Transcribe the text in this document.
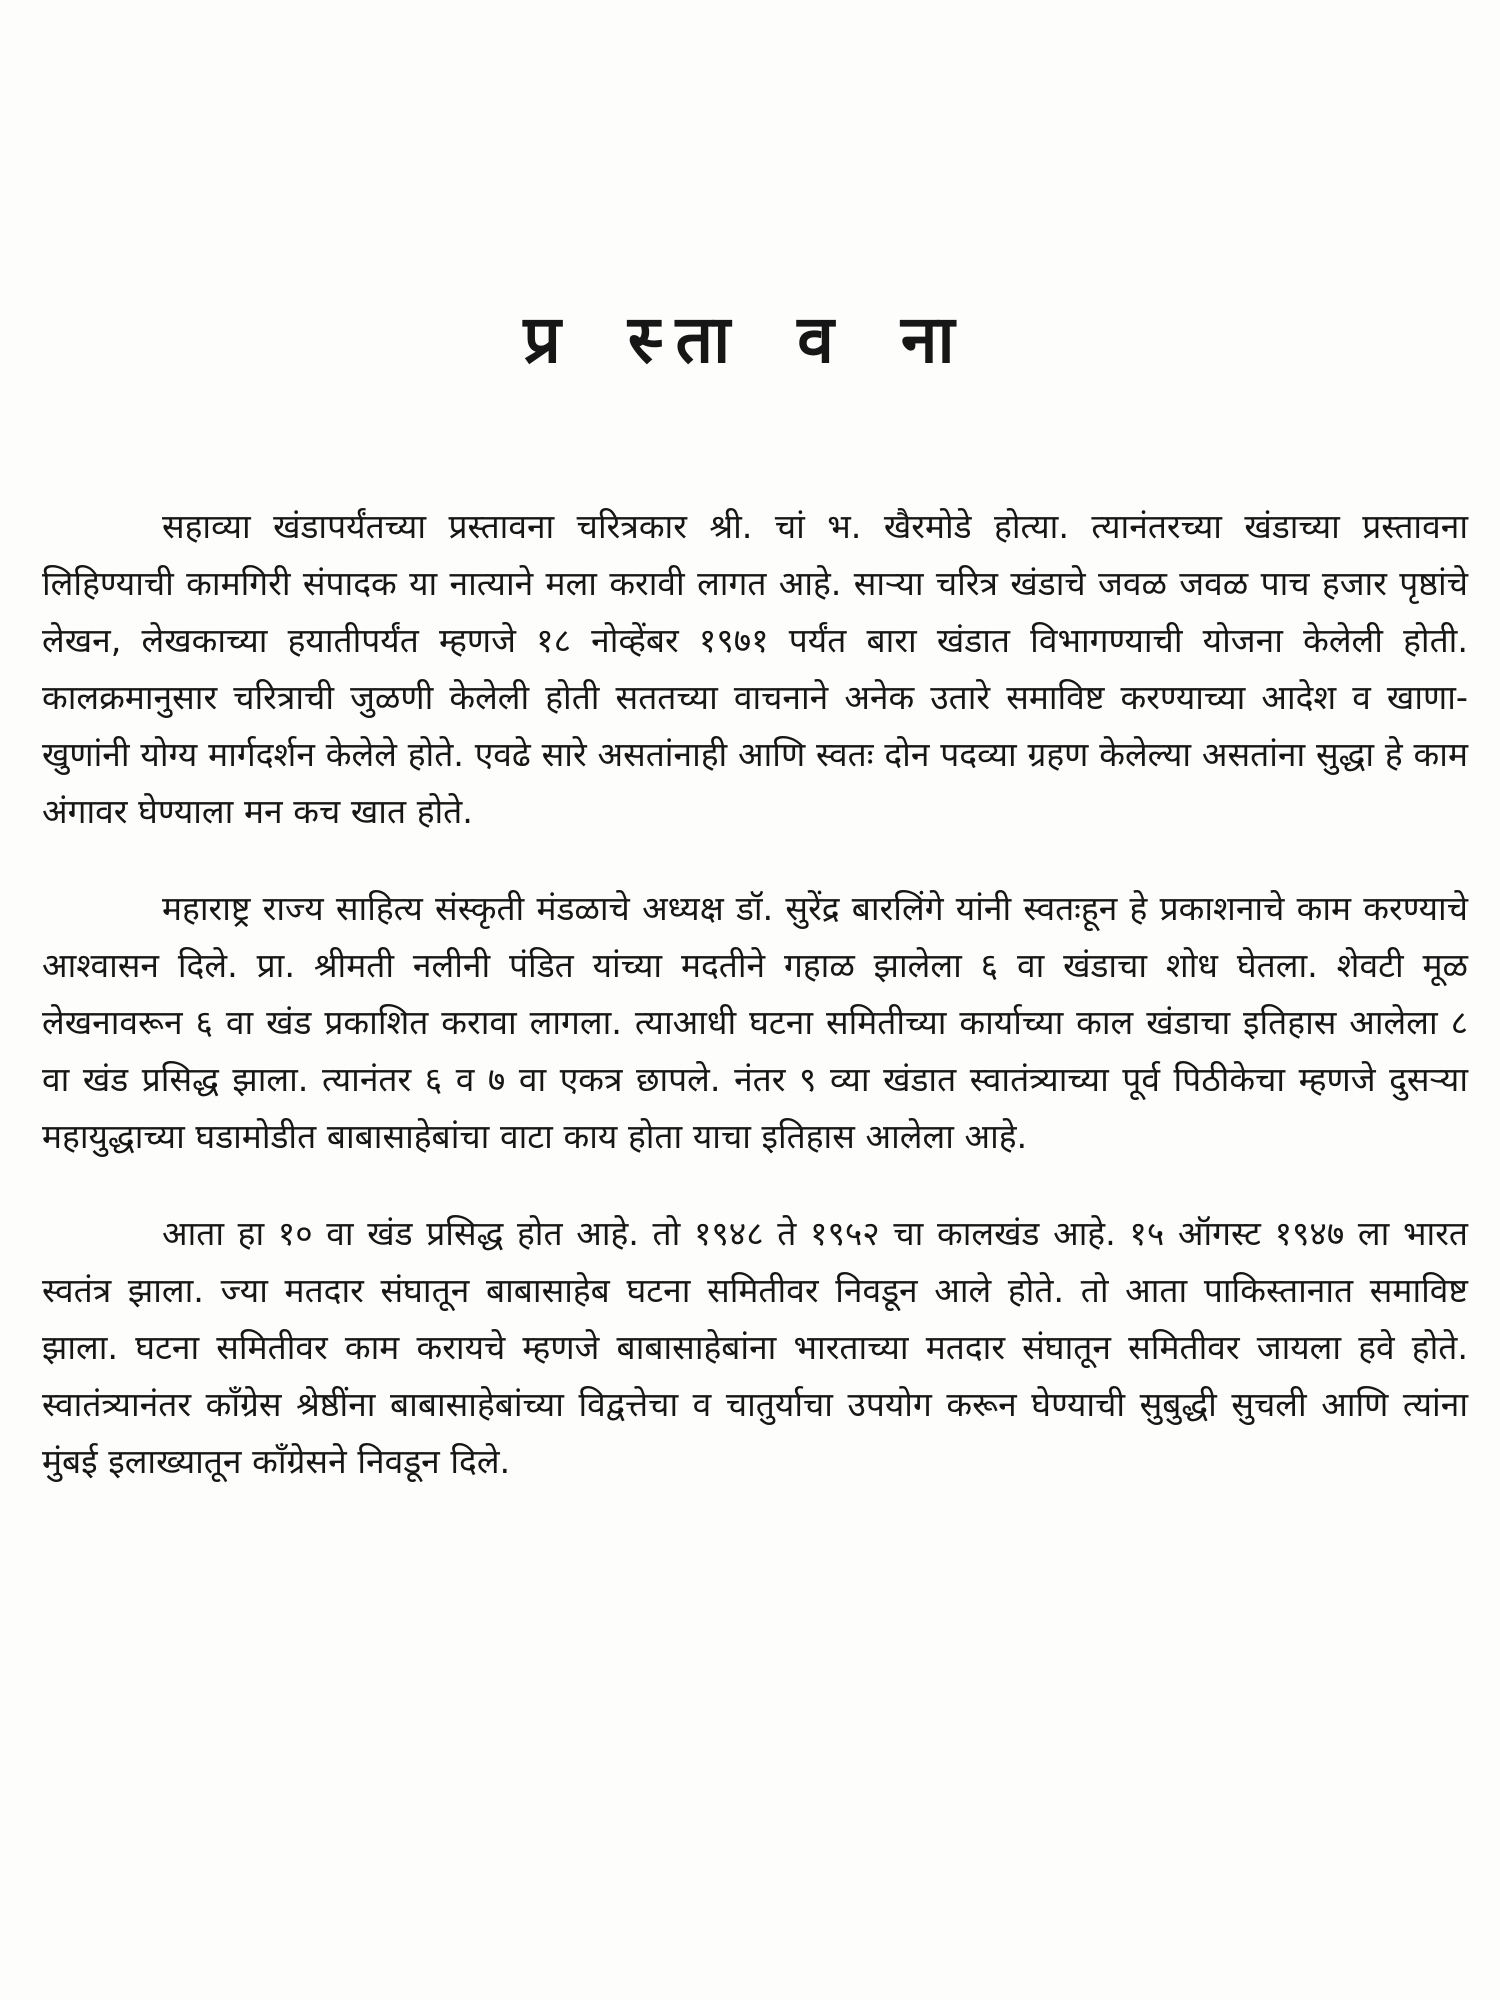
प्र स्ता व ना

सहाव्या खंडापर्यंतच्या प्रस्तावना चरित्रकार श्री. चां भ. खैरमोडे होत्या. त्यानंतरच्या खंडाच्या प्रस्तावना लिहिण्याची कामगिरी संपादक या नात्याने मला करावी लागत आहे. साऱ्या चरित्र खंडाचे जवळ जवळ पाच हजार पृष्ठांचे लेखन, लेखकाच्या हयातीपर्यंत म्हणजे १८ नोव्हेंबर १९७१ पर्यंत बारा खंडात विभागण्याची योजना केलेली होती. कालक्रमानुसार चरित्राची जुळणी केलेली होती सततच्या वाचनाने अनेक उतारे समाविष्ट करण्याच्या आदेश व खाणा-खुणांनी योग्य मार्गदर्शन केलेले होते. एवढे सारे असतांनाही आणि स्वतः दोन पदव्या ग्रहण केलेल्या असतांना सुद्धा हे काम अंगावर घेण्याला मन कच खात होते.

महाराष्ट्र राज्य साहित्य संस्कृती मंडळाचे अध्यक्ष डॉ. सुरेंद्र बारलिंगे यांनी स्वतःहून हे प्रकाशनाचे काम करण्याचे आश्वासन दिले. प्रा. श्रीमती नलीनी पंडित यांच्या मदतीने गहाळ झालेला ६ वा खंडाचा शोध घेतला. शेवटी मूळ लेखनावरून ६ वा खंड प्रकाशित करावा लागला. त्याआधी घटना समितीच्या कार्याच्या काल खंडाचा इतिहास आलेला ८ वा खंड प्रसिद्ध झाला. त्यानंतर ६ व ७ वा एकत्र छापले. नंतर ९ व्या खंडात स्वातंत्र्याच्या पूर्व पिठीकेचा म्हणजे दुसऱ्या महायुद्धाच्या घडामोडीत बाबासाहेबांचा वाटा काय होता याचा इतिहास आलेला आहे.

आता हा १० वा खंड प्रसिद्ध होत आहे. तो १९४८ ते १९५२ चा कालखंड आहे. १५ ऑगस्ट १९४७ ला भारत स्वतंत्र झाला. ज्या मतदार संघातून बाबासाहेब घटना समितीवर निवडून आले होते. तो आता पाकिस्तानात समाविष्ट झाला. घटना समितीवर काम करायचे म्हणजे बाबासाहेबांना भारताच्या मतदार संघातून समितीवर जायला हवे होते. स्वातंत्र्यानंतर कॉंग्रेस श्रेष्ठींना बाबासाहेबांच्या विद्वत्तेचा व चातुर्याचा उपयोग करून घेण्याची सुबुद्धी सुचली आणि त्यांना मुंबई इलाख्यातून कॉंग्रेसने निवडून दिले.
